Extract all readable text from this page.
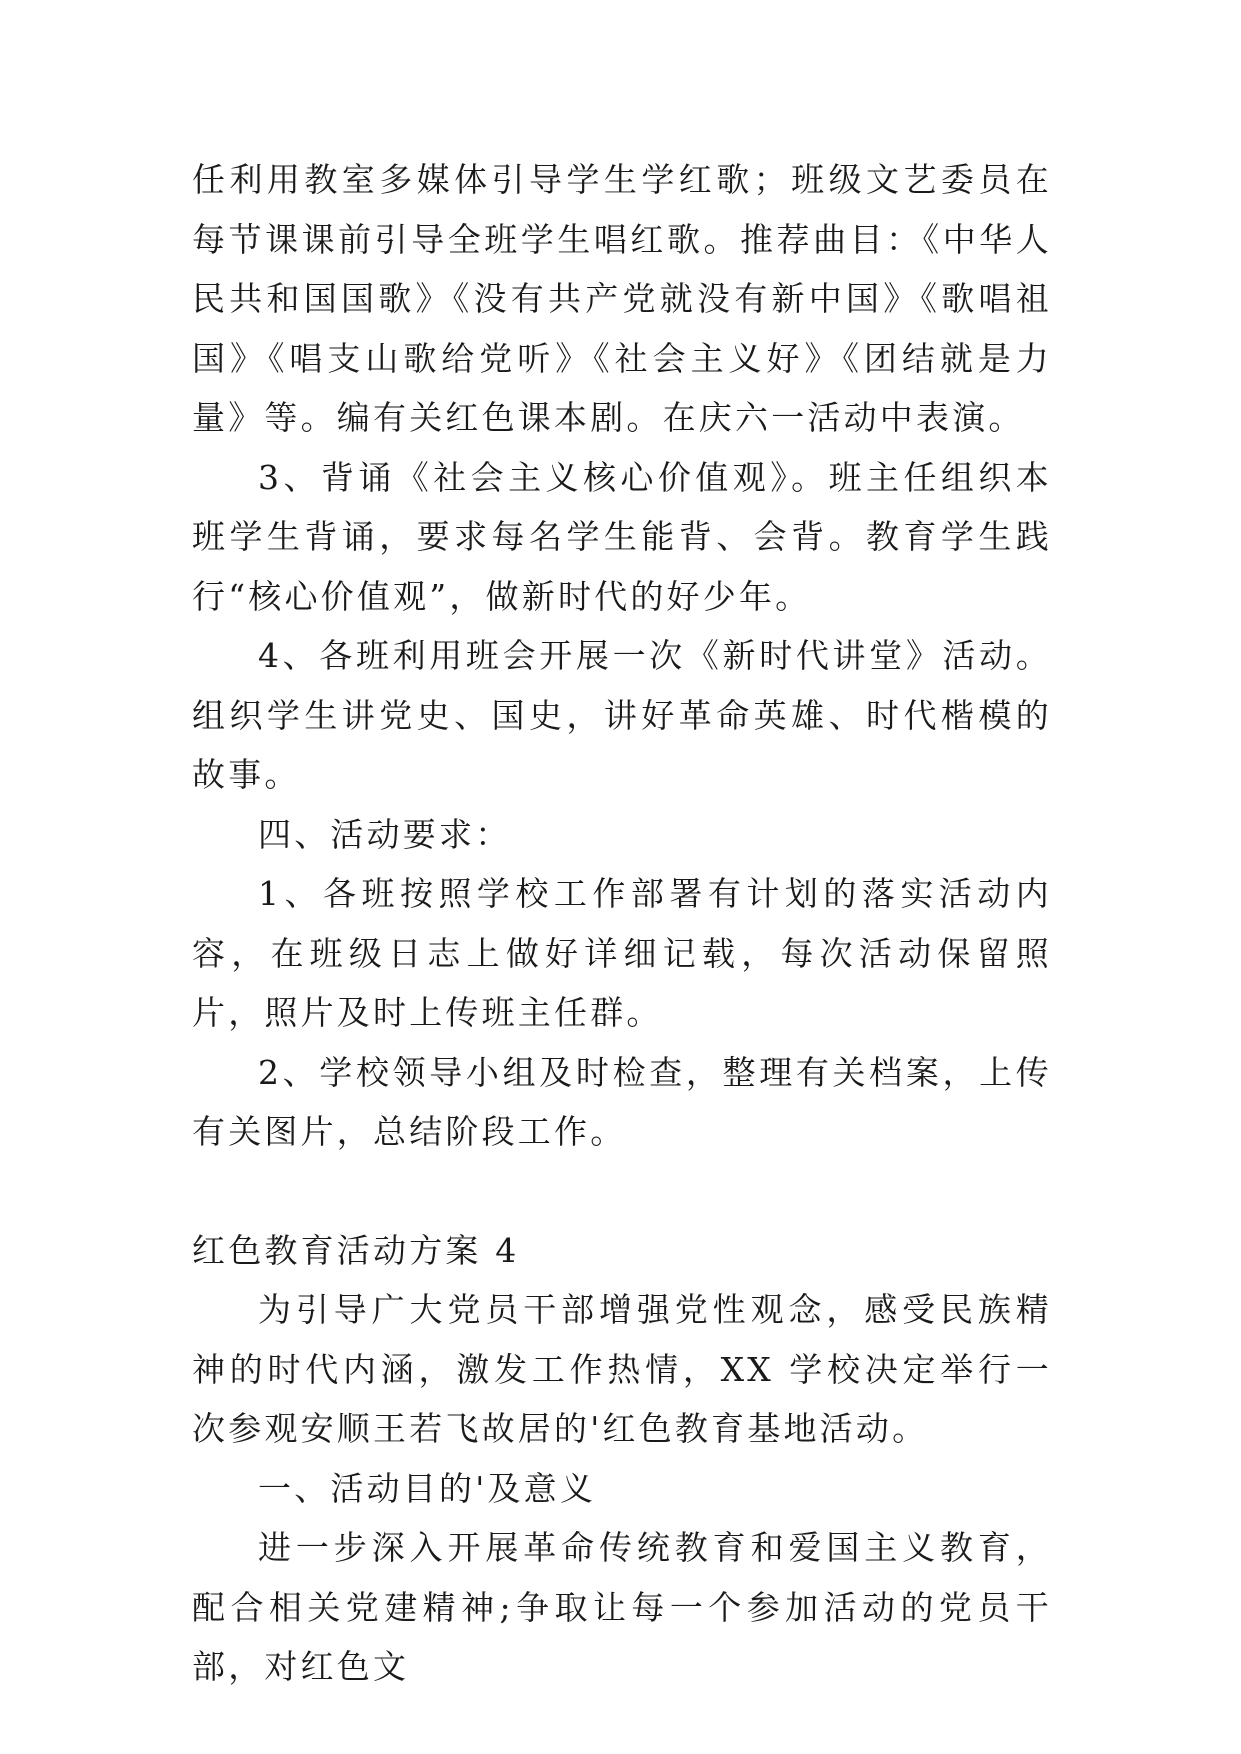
任利用教室多媒体引导学生学红歌；班级文艺委员在每节课课前引导全班学生唱红歌。推荐曲目：《中华人民共和国国歌》《没有共产党就没有新中国》《歌唱祖国》《唱支山歌给党听》《社会主义好》《团结就是力量》等。编有关红色课本剧。在庆六一活动中表演。

3、背诵《社会主义核心价值观》。班主任组织本班学生背诵，要求每名学生能背、会背。教育学生践行“核心价值观”，做新时代的好少年。

4、各班利用班会开展一次《新时代讲堂》活动。组织学生讲党史、国史，讲好革命英雄、时代楷模的故事。

四、活动要求：

1、各班按照学校工作部署有计划的落实活动内容，在班级日志上做好详细记载，每次活动保留照片，照片及时上传班主任群。

2、学校领导小组及时检查，整理有关档案，上传有关图片，总结阶段工作。

红色教育活动方案 4

为引导广大党员干部增强党性观念，感受民族精神的时代内涵，激发工作热情，XX 学校决定举行一次参观安顺王若飞故居的'红色教育基地活动。

一、活动目的'及意义

进一步深入开展革命传统教育和爱国主义教育，配合相关党建精神;争取让每一个参加活动的党员干部，对红色文
